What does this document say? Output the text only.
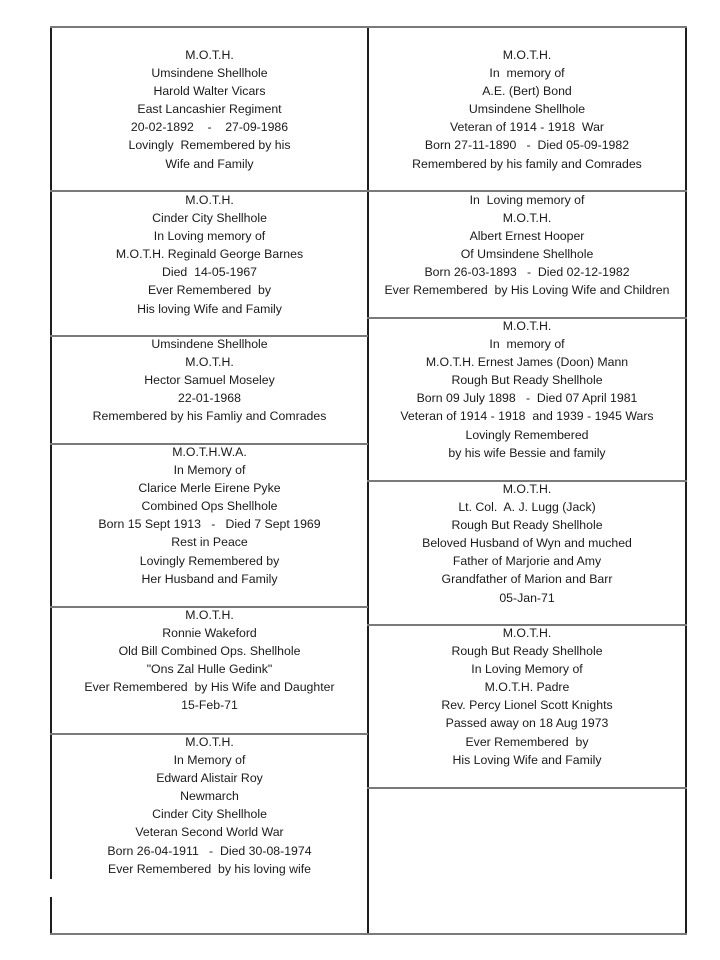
M.O.T.H.
Umsindene Shellhole
Harold Walter Vicars
East Lancashier Regiment
20-02-1892    -    27-09-1986
Lovingly  Remembered by his
Wife and Family
M.O.T.H.
Cinder City Shellhole
In Loving memory of
M.O.T.H. Reginald George Barnes
Died  14-05-1967
Ever Remembered  by
His loving Wife and Family
Umsindene Shellhole
M.O.T.H.
Hector Samuel Moseley
22-01-1968
Remembered by his Famliy and Comrades
M.O.T.H.W.A.
In Memory of
Clarice Merle Eirene Pyke
Combined Ops Shellhole
Born 15 Sept 1913   -   Died 7 Sept 1969
Rest in Peace
Lovingly Remembered by
Her Husband and Family
M.O.T.H.
Ronnie Wakeford
Old Bill Combined Ops. Shellhole
"Ons Zal Hulle Gedink"
Ever Remembered  by His Wife and Daughter
15-Feb-71
M.O.T.H.
In Memory of
Edward Alistair Roy
Newmarch
Cinder City Shellhole
Veteran Second World War
Born 26-04-1911   -  Died 30-08-1974
Ever Remembered  by his loving wife
M.O.T.H.
In  memory of
A.E. (Bert) Bond
Umsindene Shellhole
Veteran of 1914 - 1918  War
Born 27-11-1890   -  Died 05-09-1982
Remembered by his family and Comrades
In  Loving memory of
M.O.T.H.
Albert Ernest Hooper
Of Umsindene Shellhole
Born 26-03-1893   -  Died 02-12-1982
Ever Remembered  by His Loving Wife and Children
M.O.T.H.
In  memory of
M.O.T.H. Ernest James (Doon) Mann
Rough But Ready Shellhole
Born 09 July 1898   -  Died 07 April 1981
Veteran of 1914 - 1918  and 1939 - 1945 Wars
Lovingly Remembered
by his wife Bessie and family
M.O.T.H.
Lt. Col.  A. J. Lugg (Jack)
Rough But Ready Shellhole
Beloved Husband of Wyn and muched
Father of Marjorie and Amy
Grandfather of Marion and Barr
05-Jan-71
M.O.T.H.
Rough But Ready Shellhole
In Loving Memory of
M.O.T.H. Padre
Rev. Percy Lionel Scott Knights
Passed away on 18 Aug 1973
Ever Remembered  by
His Loving Wife and Family
